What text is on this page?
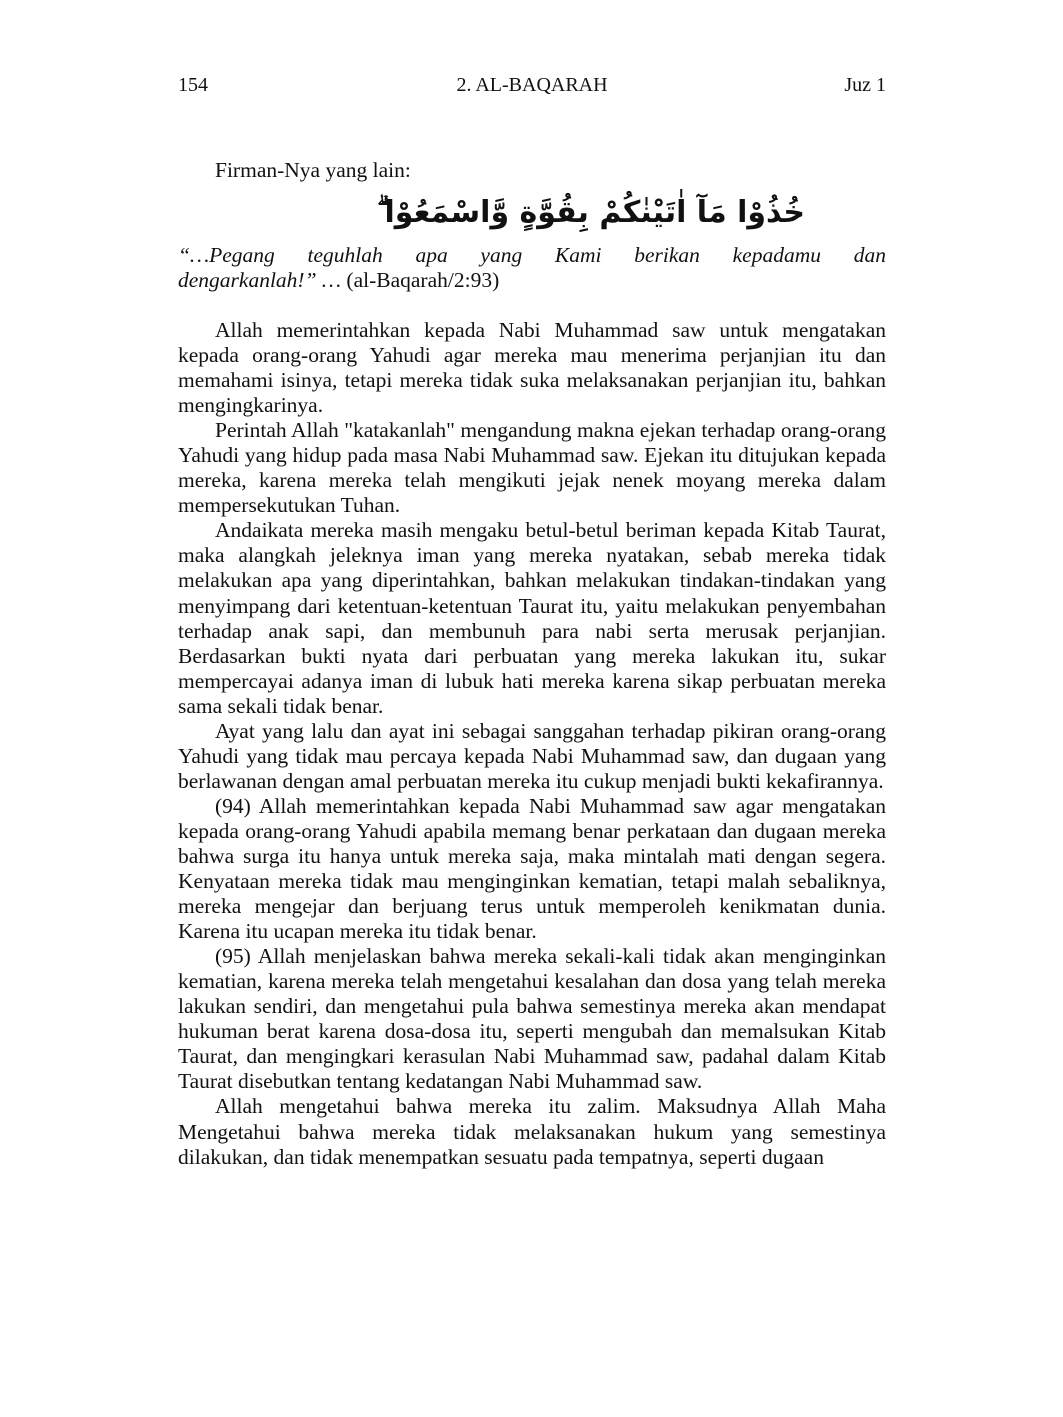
154	2. AL-BAQARAH	Juz 1
Firman-Nya yang lain:
خُذُوْا مَآ اٰتَيْنٰكُمْ بِقُوَّةٍ وَّاسْمَعُوْا ۗ
“…Pegang teguhlah apa yang Kami berikan kepadamu dan
dengarkanlah!” … (al-Baqarah/2:93)

Allah memerintahkan kepada Nabi Muhammad saw untuk mengatakan kepada orang-orang Yahudi agar mereka mau menerima perjanjian itu dan memahami isinya, tetapi mereka tidak suka melaksanakan perjanjian itu, bahkan mengingkarinya.

Perintah Allah "katakanlah" mengandung makna ejekan terhadap orang-orang Yahudi yang hidup pada masa Nabi Muhammad saw. Ejekan itu ditujukan kepada mereka, karena mereka telah mengikuti jejak nenek moyang mereka dalam mempersekutukan Tuhan.

Andaikata mereka masih mengaku betul-betul beriman kepada Kitab Taurat, maka alangkah jeleknya iman yang mereka nyatakan, sebab mereka tidak melakukan apa yang diperintahkan, bahkan melakukan tindakan-tindakan yang menyimpang dari ketentuan-ketentuan Taurat itu, yaitu melakukan penyembahan terhadap anak sapi, dan membunuh para nabi serta merusak perjanjian. Berdasarkan bukti nyata dari perbuatan yang mereka lakukan itu, sukar mempercayai adanya iman di lubuk hati mereka karena sikap perbuatan mereka sama sekali tidak benar.

Ayat yang lalu dan ayat ini sebagai sanggahan terhadap pikiran orang-orang Yahudi yang tidak mau percaya kepada Nabi Muhammad saw, dan dugaan yang berlawanan dengan amal perbuatan mereka itu cukup menjadi bukti kekafirannya.

(94) Allah memerintahkan kepada Nabi Muhammad saw agar mengatakan kepada orang-orang Yahudi apabila memang benar perkataan dan dugaan mereka bahwa surga itu hanya untuk mereka saja, maka mintalah mati dengan segera. Kenyataan mereka tidak mau menginginkan kematian, tetapi malah sebaliknya, mereka mengejar dan berjuang terus untuk memperoleh kenikmatan dunia. Karena itu ucapan mereka itu tidak benar.

(95) Allah menjelaskan bahwa mereka sekali-kali tidak akan menginginkan kematian, karena mereka telah mengetahui kesalahan dan dosa yang telah mereka lakukan sendiri, dan mengetahui pula bahwa semestinya mereka akan mendapat hukuman berat karena dosa-dosa itu, seperti mengubah dan memalsukan Kitab Taurat, dan mengingkari kerasulan Nabi Muhammad saw, padahal dalam Kitab Taurat disebutkan tentang kedatangan Nabi Muhammad saw.

Allah mengetahui bahwa mereka itu zalim. Maksudnya Allah Maha Mengetahui bahwa mereka tidak melaksanakan hukum yang semestinya dilakukan, dan tidak menempatkan sesuatu pada tempatnya, seperti dugaan
